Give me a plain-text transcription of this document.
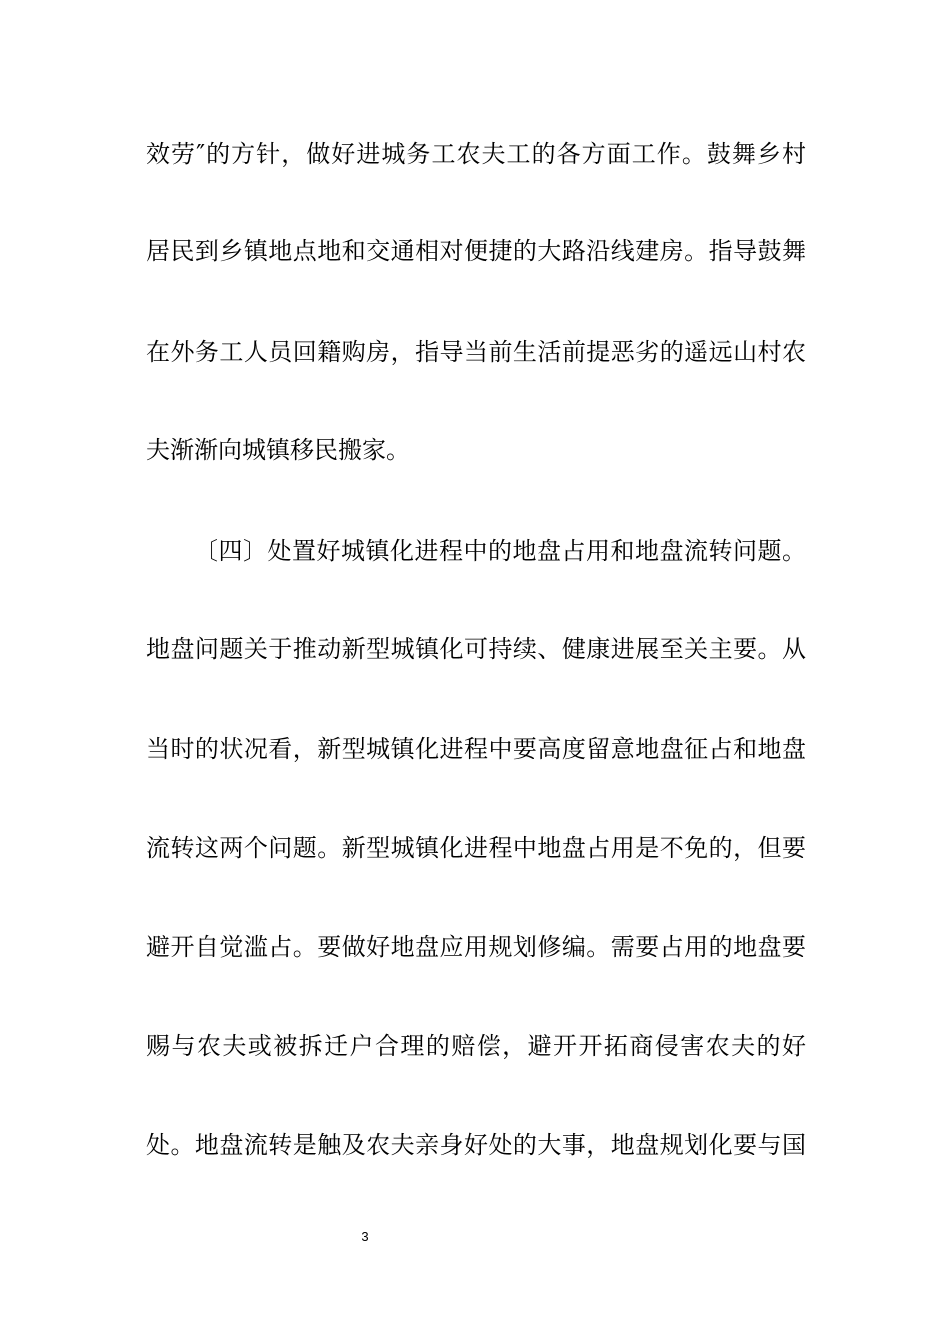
效劳″的方针，做好进城务工农夫工的各方面工作。鼓舞乡村
居民到乡镇地点地和交通相对便捷的大路沿线建房。指导鼓舞
在外务工人员回籍购房，指导当前生活前提恶劣的遥远山村农
夫渐渐向城镇移民搬家。
〔四〕处置好城镇化进程中的地盘占用和地盘流转问题。
地盘问题关于推动新型城镇化可持续、健康进展至关主要。从
当时的状况看，新型城镇化进程中要高度留意地盘征占和地盘
流转这两个问题。新型城镇化进程中地盘占用是不免的，但要
避开自觉滥占。要做好地盘应用规划修编。需要占用的地盘要
赐与农夫或被拆迁户合理的赔偿，避开开拓商侵害农夫的好
处。地盘流转是触及农夫亲身好处的大事，地盘规划化要与国
3
